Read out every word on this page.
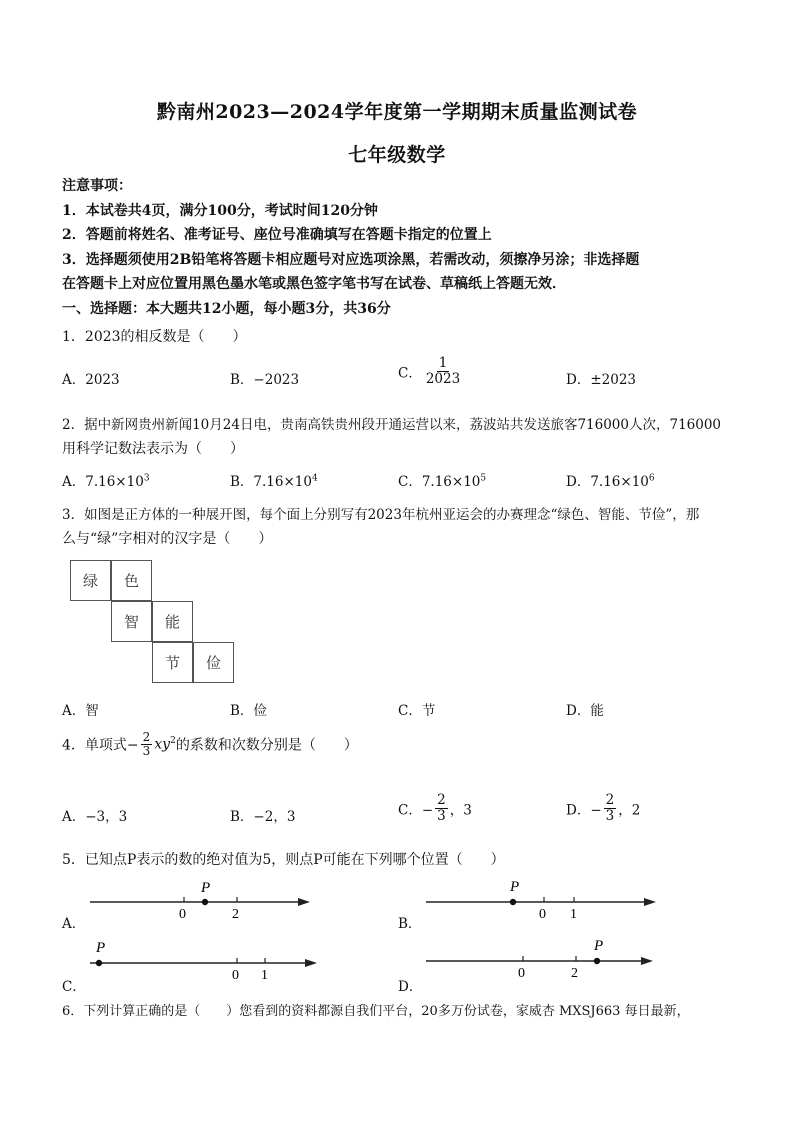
黔南州2023—2024学年度第一学期期末质量监测试卷
七年级数学
注意事项：
1．本试卷共4页，满分100分，考试时间120分钟
2．答题前将姓名、准考证号、座位号准确填写在答题卡指定的位置上
3．选择题须使用2B铅笔将答题卡相应题号对应选项涂黑，若需改动，须擦净另涂；非选择题
在答题卡上对应位置用黑色墨水笔或黑色签字笔书写在试卷、草稿纸上答题无效．
一、选择题：本大题共12小题，每小题3分，共36分
1．2023的相反数是（　　）
A．2023	B．−2023	C． $\frac{1}{2023}$	D．±2023
2．据中新网贵州新闻10月24日电，贵南高铁贵州段开通运营以来，荔波站共发送旅客716000人次，716000
用科学记数法表示为（　　）
A．$7.16\times 10^3$	B．$7.16\times 10^4$	C．$7.16\times 10^5$	D．$7.16\times 10^6$
3．如图是正方体的一种展开图，每个面上分别写有2023年杭州亚运会的办赛理念“绿色、智能、节俭”，那
么与“绿”字相对的汉字是（　　）
绿	色
智	能
节	俭
A．智	B．俭	C．节	D．能
4．单项式− $\frac{2}{3} xy^2$的系数和次数分别是（　　）
A．−3，3	B．−2，3	C．− $\frac{2}{3}$ ，3	D．− $\frac{2}{3}$ ，2
5．已知点P表示的数的绝对值为5，则点P可能在下列哪个位置（　　）
A．
P
0	2
B．
P
0 1
C．
P
0 1
D．
P
0	2
6．下列计算正确的是（　　）您看到的资料都源自我们平台，20多万份试卷，家威杏 MXSJ663 每日最新，
